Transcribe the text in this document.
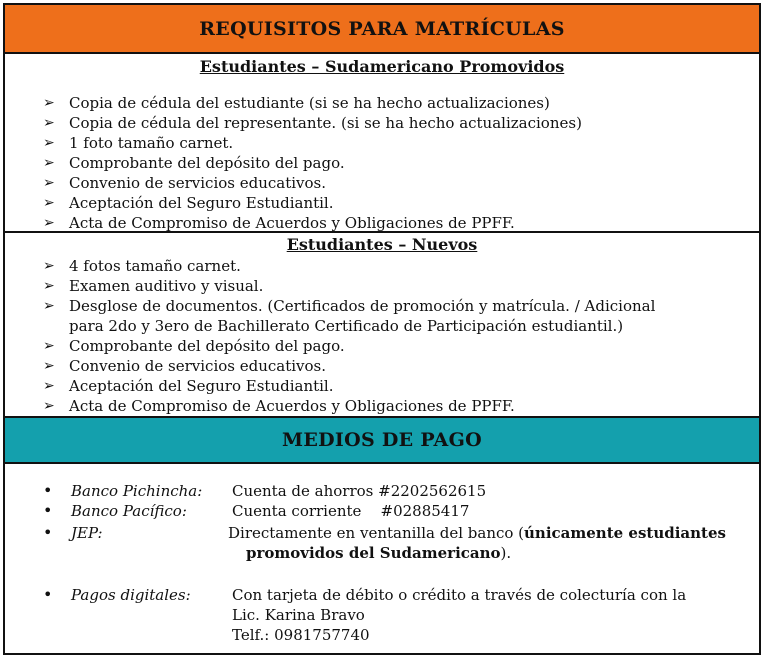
REQUISITOS PARA MATRÍCULAS

Estudiantes – Sudamericano Promovidos

➢ Copia de cédula del estudiante (si se ha hecho actualizaciones)
➢ Copia de cédula del representante. (si se ha hecho actualizaciones)
➢ 1 foto tamaño carnet.
➢ Comprobante del depósito del pago.
➢ Convenio de servicios educativos.
➢ Aceptación del Seguro Estudiantil.
➢ Acta de Compromiso de Acuerdos y Obligaciones de PPFF.

Estudiantes – Nuevos

➢ 4 fotos tamaño carnet.
➢ Examen auditivo y visual.
➢ Desglose de documentos. (Certificados de promoción y matrícula. / Adicional
para 2do y 3ero de Bachillerato Certificado de Participación estudiantil.)
➢ Comprobante del depósito del pago.
➢ Convenio de servicios educativos.
➢ Aceptación del Seguro Estudiantil.
➢ Acta de Compromiso de Acuerdos y Obligaciones de PPFF.
MEDIOS DE PAGO
• Banco Pichincha: Cuenta de ahorros #2202562615
• Banco Pacífico:	Cuenta corriente    #02885417
• JEP:	Directamente en ventanilla del banco (únicamente estudiantes
promovidos del Sudamericano).
• Pagos digitales:	Con tarjeta de débito o crédito a través de colecturía con la
Lic. Karina Bravo
Telf.: 0981757740
